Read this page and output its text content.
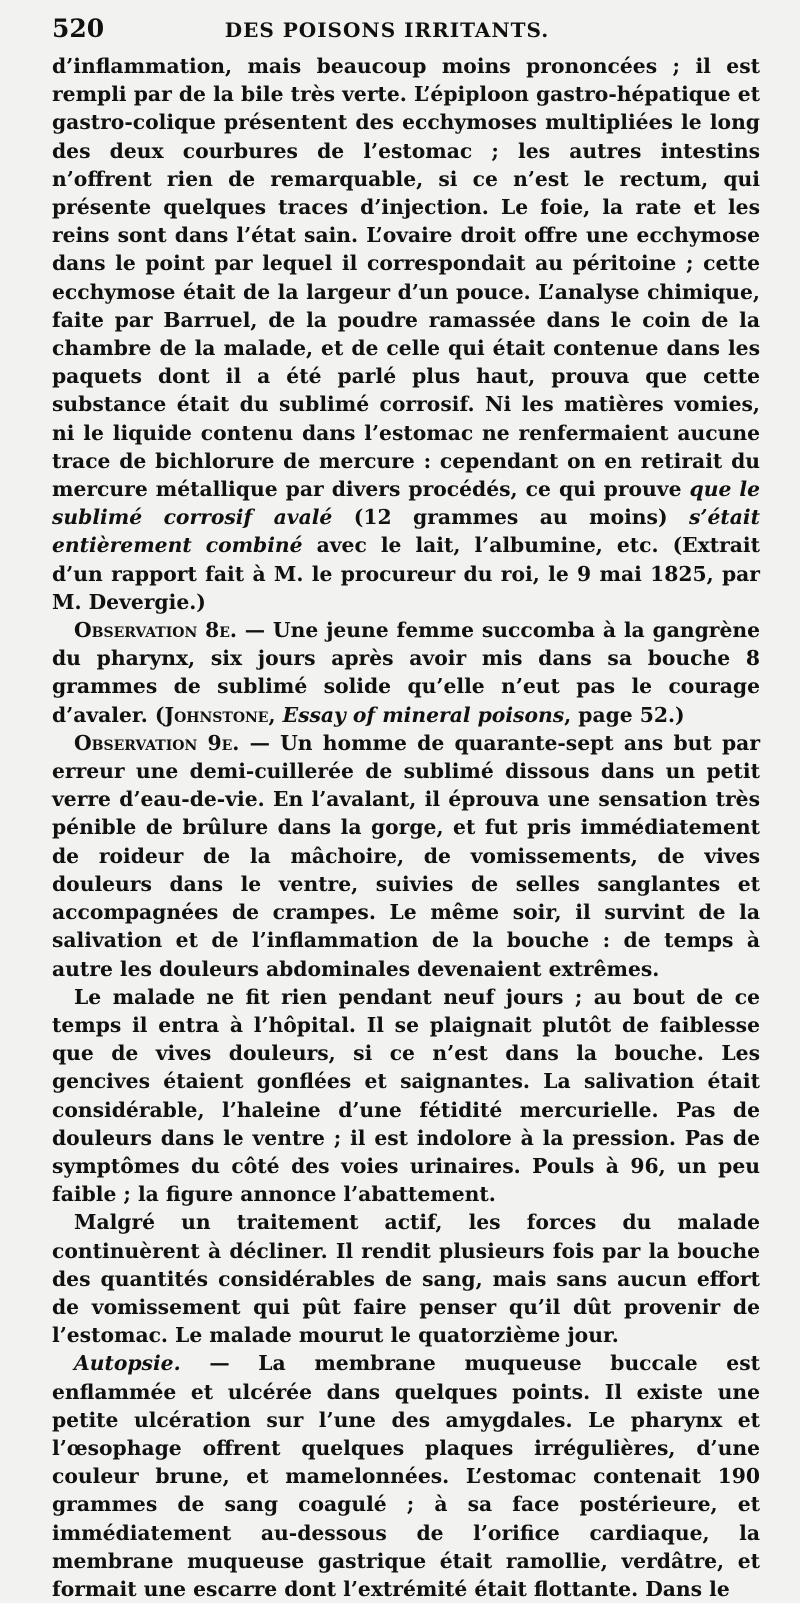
520	DES POISONS IRRITANTS.

d’inflammation, mais beaucoup moins prononcées ; il est rempli par de la bile très verte. L’épiploon gastro-hépatique et gastro-colique présentent des ecchymoses multipliées le long des deux courbures de l’estomac ; les autres intestins n’offrent rien de remarquable, si ce n’est le rectum, qui présente quelques traces d’injection. Le foie, la rate et les reins sont dans l’état sain. L’ovaire droit offre une ecchymose dans le point par lequel il correspondait au péritoine ; cette ecchymose était de la largeur d’un pouce. L’analyse chimique, faite par Barruel, de la poudre ramassée dans le coin de la chambre de la malade, et de celle qui était contenue dans les paquets dont il a été parlé plus haut, prouva que cette substance était du sublimé corrosif. Ni les matières vomies, ni le liquide contenu dans l’estomac ne renfermaient aucune trace de bichlorure de mercure : cependant on en retirait du mercure métallique par divers procédés, ce qui prouve que le sublimé corrosif avalé (12 grammes au moins) s’était entièrement combiné avec le lait, l’albumine, etc. (Extrait d’un rapport fait à M. le procureur du roi, le 9 mai 1825, par M. Devergie.)

Observation 8e. — Une jeune femme succomba à la gangrène du pharynx, six jours après avoir mis dans sa bouche 8 grammes de sublimé solide qu’elle n’eut pas le courage d’avaler. (Johnstone, Essay of mineral poisons, page 52.)

Observation 9e. — Un homme de quarante-sept ans but par erreur une demi-cuillerée de sublimé dissous dans un petit verre d’eau-de-vie. En l’avalant, il éprouva une sensation très pénible de brûlure dans la gorge, et fut pris immédiatement de roideur de la mâchoire, de vomissements, de vives douleurs dans le ventre, suivies de selles sanglantes et accompagnées de crampes. Le même soir, il survint de la salivation et de l’inflammation de la bouche : de temps à autre les douleurs abdominales devenaient extrêmes.

Le malade ne fit rien pendant neuf jours ; au bout de ce temps il entra à l’hôpital. Il se plaignait plutôt de faiblesse que de vives douleurs, si ce n’est dans la bouche. Les gencives étaient gonflées et saignantes. La salivation était considérable, l’haleine d’une fétidité mercurielle. Pas de douleurs dans le ventre ; il est indolore à la pression. Pas de symptômes du côté des voies urinaires. Pouls à 96, un peu faible ; la figure annonce l’abattement.

Malgré un traitement actif, les forces du malade continuèrent à décliner. Il rendit plusieurs fois par la bouche des quantités considérables de sang, mais sans aucun effort de vomissement qui pût faire penser qu’il dût provenir de l’estomac. Le malade mourut le quatorzième jour.

Autopsie. — La membrane muqueuse buccale est enflammée et ulcérée dans quelques points. Il existe une petite ulcération sur l’une des amygdales. Le pharynx et l’œsophage offrent quelques plaques irrégulières, d’une couleur brune, et mamelonnées. L’estomac contenait 190 grammes de sang coagulé ; à sa face postérieure, et immédiatement au-dessous de l’orifice cardiaque, la membrane muqueuse gastrique était ramollie, verdâtre, et formait une escarre dont l’extrémité était flottante. Dans le
